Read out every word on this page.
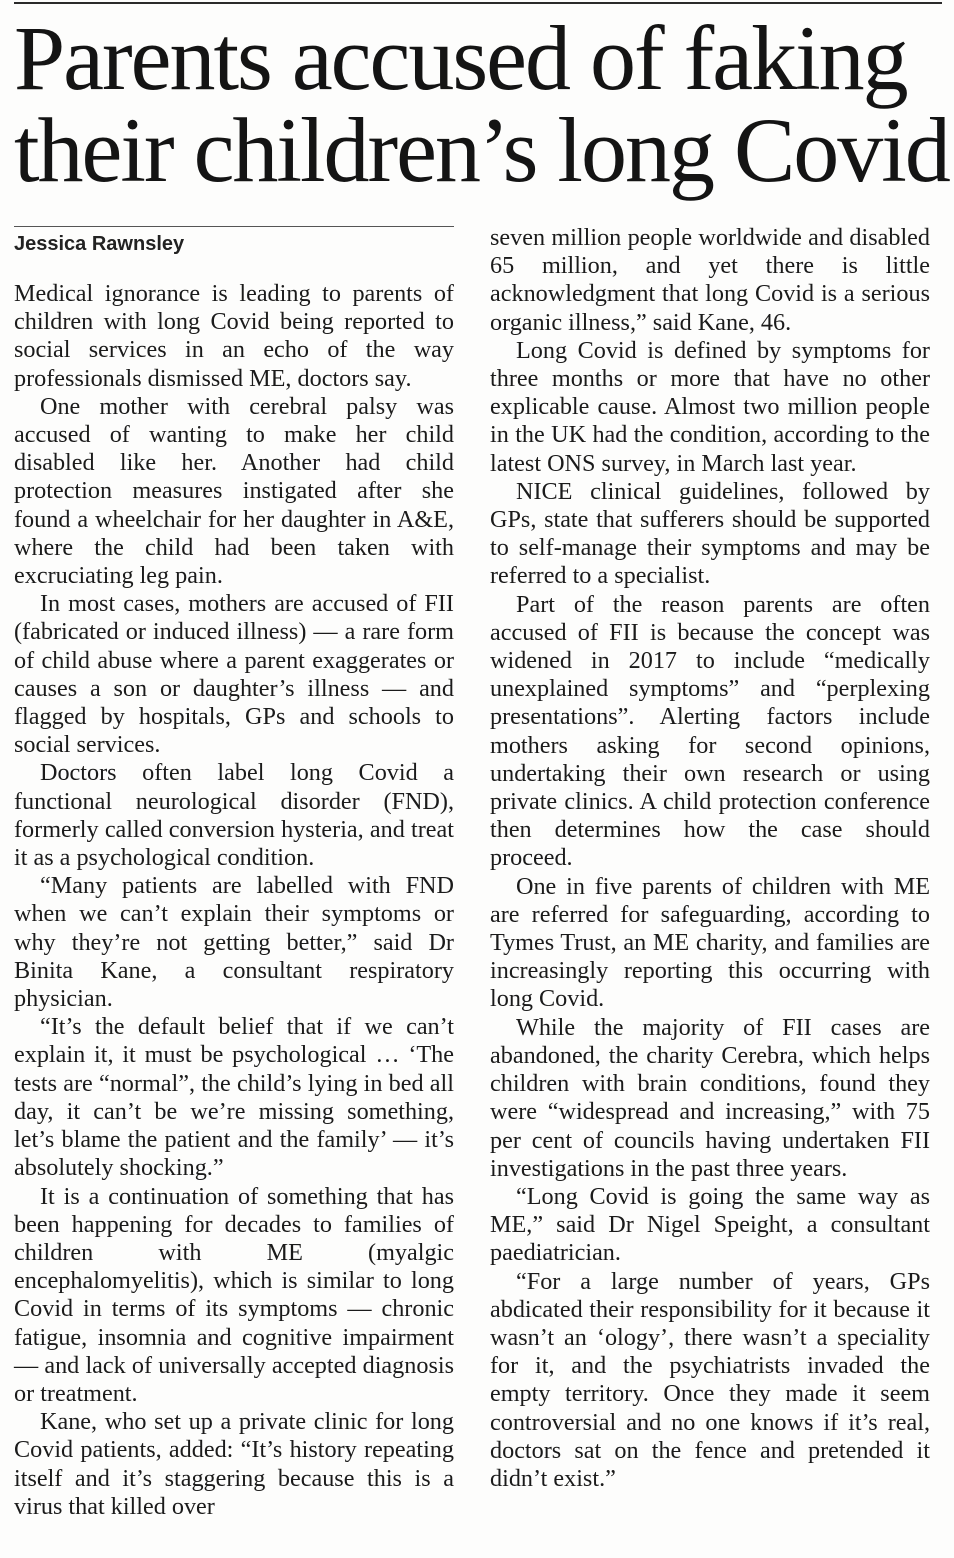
Parents accused of faking
their children’s long Covid
Jessica Rawnsley

Medical ignorance is leading to parents of children with long Covid being reported to social services in an echo of the way professionals dismissed ME, doctors say.

One mother with cerebral palsy was accused of wanting to make her child disabled like her. Another had child protection measures instigated after she found a wheelchair for her daughter in A&E, where the child had been taken with excruciating leg pain.

In most cases, mothers are accused of FII (fabricated or induced illness) — a rare form of child abuse where a parent exaggerates or causes a son or daughter’s illness — and flagged by hospitals, GPs and schools to social services.

Doctors often label long Covid a functional neurological disorder (FND), formerly called conversion hysteria, and treat it as a psychological condition.

“Many patients are labelled with FND when we can’t explain their symptoms or why they’re not getting better,” said Dr Binita Kane, a consultant respiratory physician.

“It’s the default belief that if we can’t explain it, it must be psychological … ‘The tests are “normal”, the child’s lying in bed all day, it can’t be we’re missing something, let’s blame the patient and the family’ — it’s absolutely shocking.”

It is a continuation of something that has been happening for decades to families of children with ME (myalgic encephalomyelitis), which is similar to long Covid in terms of its symptoms — chronic fatigue, insomnia and cognitive impairment — and lack of universally accepted diagnosis or treatment.

Kane, who set up a private clinic for long Covid patients, added: “It’s history repeating itself and it’s staggering because this is a virus that killed over

seven million people worldwide and disabled 65 million, and yet there is little acknowledgment that long Covid is a serious organic illness,” said Kane, 46.

Long Covid is defined by symptoms for three months or more that have no other explicable cause. Almost two million people in the UK had the condition, according to the latest ONS survey, in March last year.

NICE clinical guidelines, followed by GPs, state that sufferers should be supported to self-manage their symptoms and may be referred to a specialist.

Part of the reason parents are often accused of FII is because the concept was widened in 2017 to include “medically unexplained symptoms” and “perplexing presentations”. Alerting factors include mothers asking for second opinions, undertaking their own research or using private clinics. A child protection conference then determines how the case should proceed.

One in five parents of children with ME are referred for safeguarding, according to Tymes Trust, an ME charity, and families are increasingly reporting this occurring with long Covid.

While the majority of FII cases are abandoned, the charity Cerebra, which helps children with brain conditions, found they were “widespread and increasing,” with 75 per cent of councils having undertaken FII investigations in the past three years.

“Long Covid is going the same way as ME,” said Dr Nigel Speight, a consultant paediatrician.

“For a large number of years, GPs abdicated their responsibility for it because it wasn’t an ‘ology’, there wasn’t a speciality for it, and the psychiatrists invaded the empty territory. Once they made it seem controversial and no one knows if it’s real, doctors sat on the fence and pretended it didn’t exist.”
